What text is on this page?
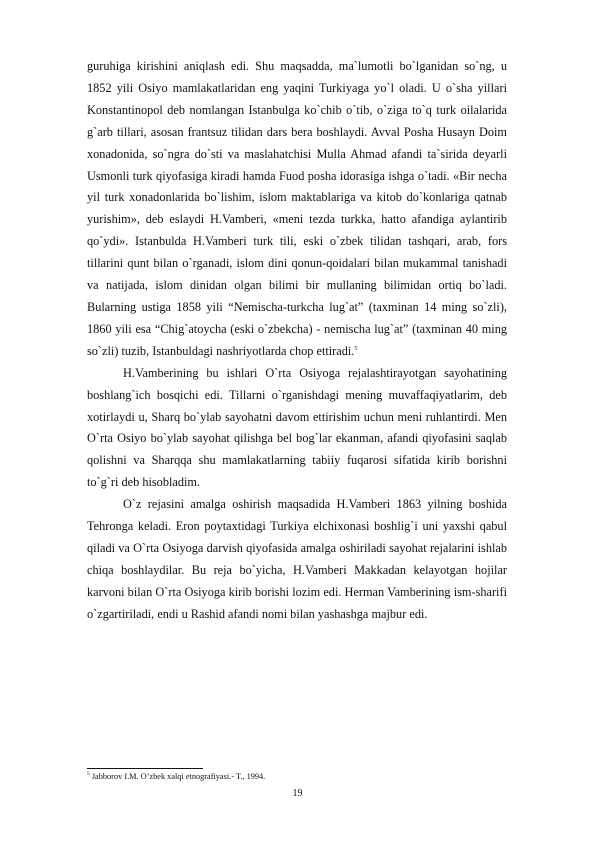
guruhiga kirishini aniqlash edi. Shu maqsadda, ma`lumotli bo`lganidan so`ng, u 1852 yili Osiyo mamlakatlaridan eng yaqini Turkiyaga yo`l oladi. U o`sha yillari Konstantinopol deb nomlangan Istanbulga ko`chib o`tib, o`ziga to`q turk oilalarida g`arb tillari, asosan frantsuz tilidan dars bera boshlaydi. Avval Posha Husayn Doim xonadonida, so`ngra do`sti va maslahatchisi Mulla Ahmad afandi ta`sirida deyarli Usmonli turk qiyofasiga kiradi hamda Fuod posha idorasiga ishga o`tadi. «Bir necha yil turk xonadonlarida bo`lishim, islom maktablariga va kitob do`konlariga qatnab yurishim», deb eslaydi H.Vamberi, «meni tezda turkka, hatto afandiga aylantirib qo`ydi». Istanbulda H.Vamberi turk tili, eski o`zbek tilidan tashqari, arab, fors tillarini qunt bilan o`rganadi, islom dini qonun-qoidalari bilan mukammal tanishadi va natijada, islom dinidan olgan bilimi bir mullaning bilimidan ortiq bo`ladi. Bularning ustiga 1858 yili “Nemischa-turkcha lug`at” (taxminan 14 ming so`zli), 1860 yili esa “Chig`atoycha (eski o`zbekcha) - nemischa lug`at” (taxminan 40 ming so`zli) tuzib, Istanbuldagi nashriyotlarda chop ettiradi.$^5$

H.Vamberining bu ishlari O`rta Osiyoga rejalashtirayotgan sayohatining boshlang`ich bosqichi edi. Tillarni o`rganishdagi mening muvaffaqiyatlarim, deb xotirlaydi u, Sharq bo`ylab sayohatni davom ettirishim uchun meni ruhlantirdi. Men O`rta Osiyo bo`ylab sayohat qilishga bel bog`lar ekanman, afandi qiyofasini saqlab qolishni va Sharqqa shu mamlakatlarning tabiiy fuqarosi sifatida kirib borishni to`g`ri deb hisobladim.

O`z rejasini amalga oshirish maqsadida H.Vamberi 1863 yilning boshida Tehronga keladi. Eron poytaxtidagi Turkiya elchixonasi boshlig`i uni yaxshi qabul qiladi va O`rta Osiyoga darvish qiyofasida amalga oshiriladi sayohat rejalarini ishlab chiqa boshlaydilar. Bu reja bo`yicha, H.Vamberi Makkadan kelayotgan hojilar karvoni bilan O`rta Osiyoga kirib borishi lozim edi. Herman Vamberining ism-sharifi o`zgartiriladi, endi u Rashid afandi nomi bilan yashashga majbur edi.

$^5$ Jabborov I.M. O’zbek xalqi etnografiyasi.- T., 1994.
19
